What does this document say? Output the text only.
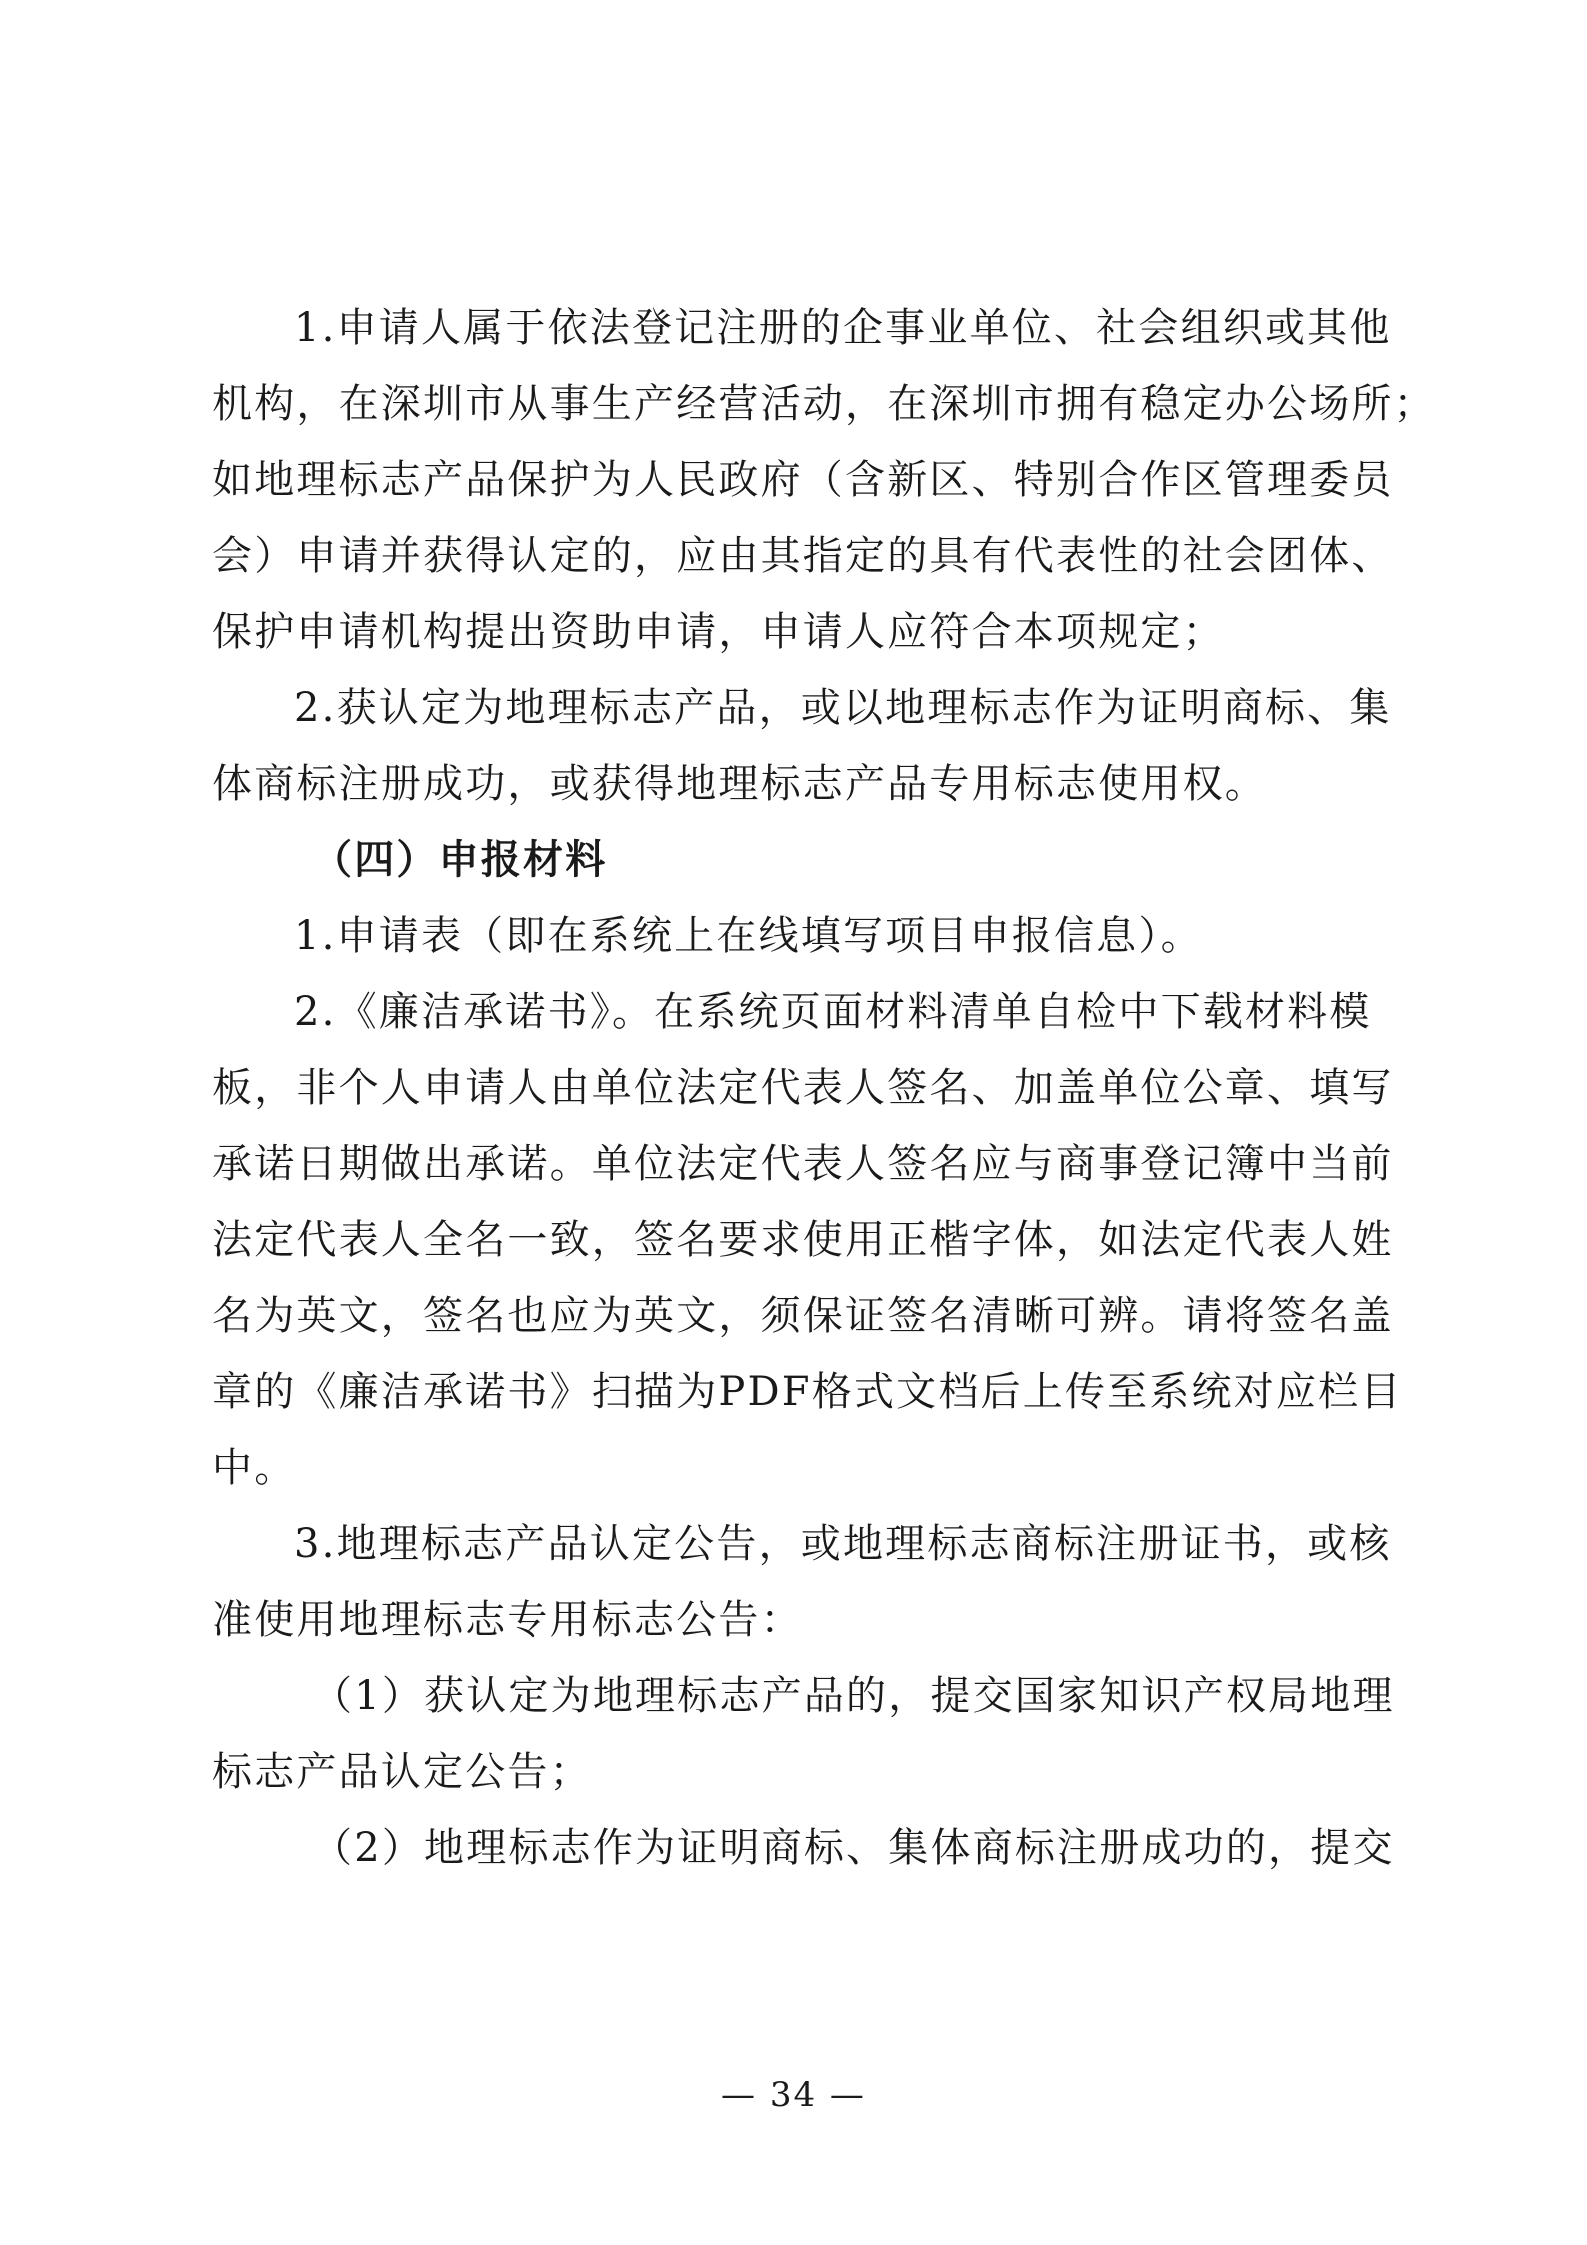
1.申请人属于依法登记注册的企事业单位、社会组织或其他
机构，在深圳市从事生产经营活动，在深圳市拥有稳定办公场所；
如地理标志产品保护为人民政府（含新区、特别合作区管理委员
会）申请并获得认定的，应由其指定的具有代表性的社会团体、
保护申请机构提出资助申请，申请人应符合本项规定；
2.获认定为地理标志产品，或以地理标志作为证明商标、集
体商标注册成功，或获得地理标志产品专用标志使用权。
（四）申报材料
1.申请表（即在系统上在线填写项目申报信息）。
2.《廉洁承诺书》。在系统页面材料清单自检中下载材料模
板，非个人申请人由单位法定代表人签名、加盖单位公章、填写
承诺日期做出承诺。单位法定代表人签名应与商事登记簿中当前
法定代表人全名一致，签名要求使用正楷字体，如法定代表人姓
名为英文，签名也应为英文，须保证签名清晰可辨。请将签名盖
章的《廉洁承诺书》扫描为PDF格式文档后上传至系统对应栏目
中。
3.地理标志产品认定公告，或地理标志商标注册证书，或核
准使用地理标志专用标志公告：
（1）获认定为地理标志产品的，提交国家知识产权局地理
标志产品认定公告；
（2）地理标志作为证明商标、集体商标注册成功的，提交
— 34 —
